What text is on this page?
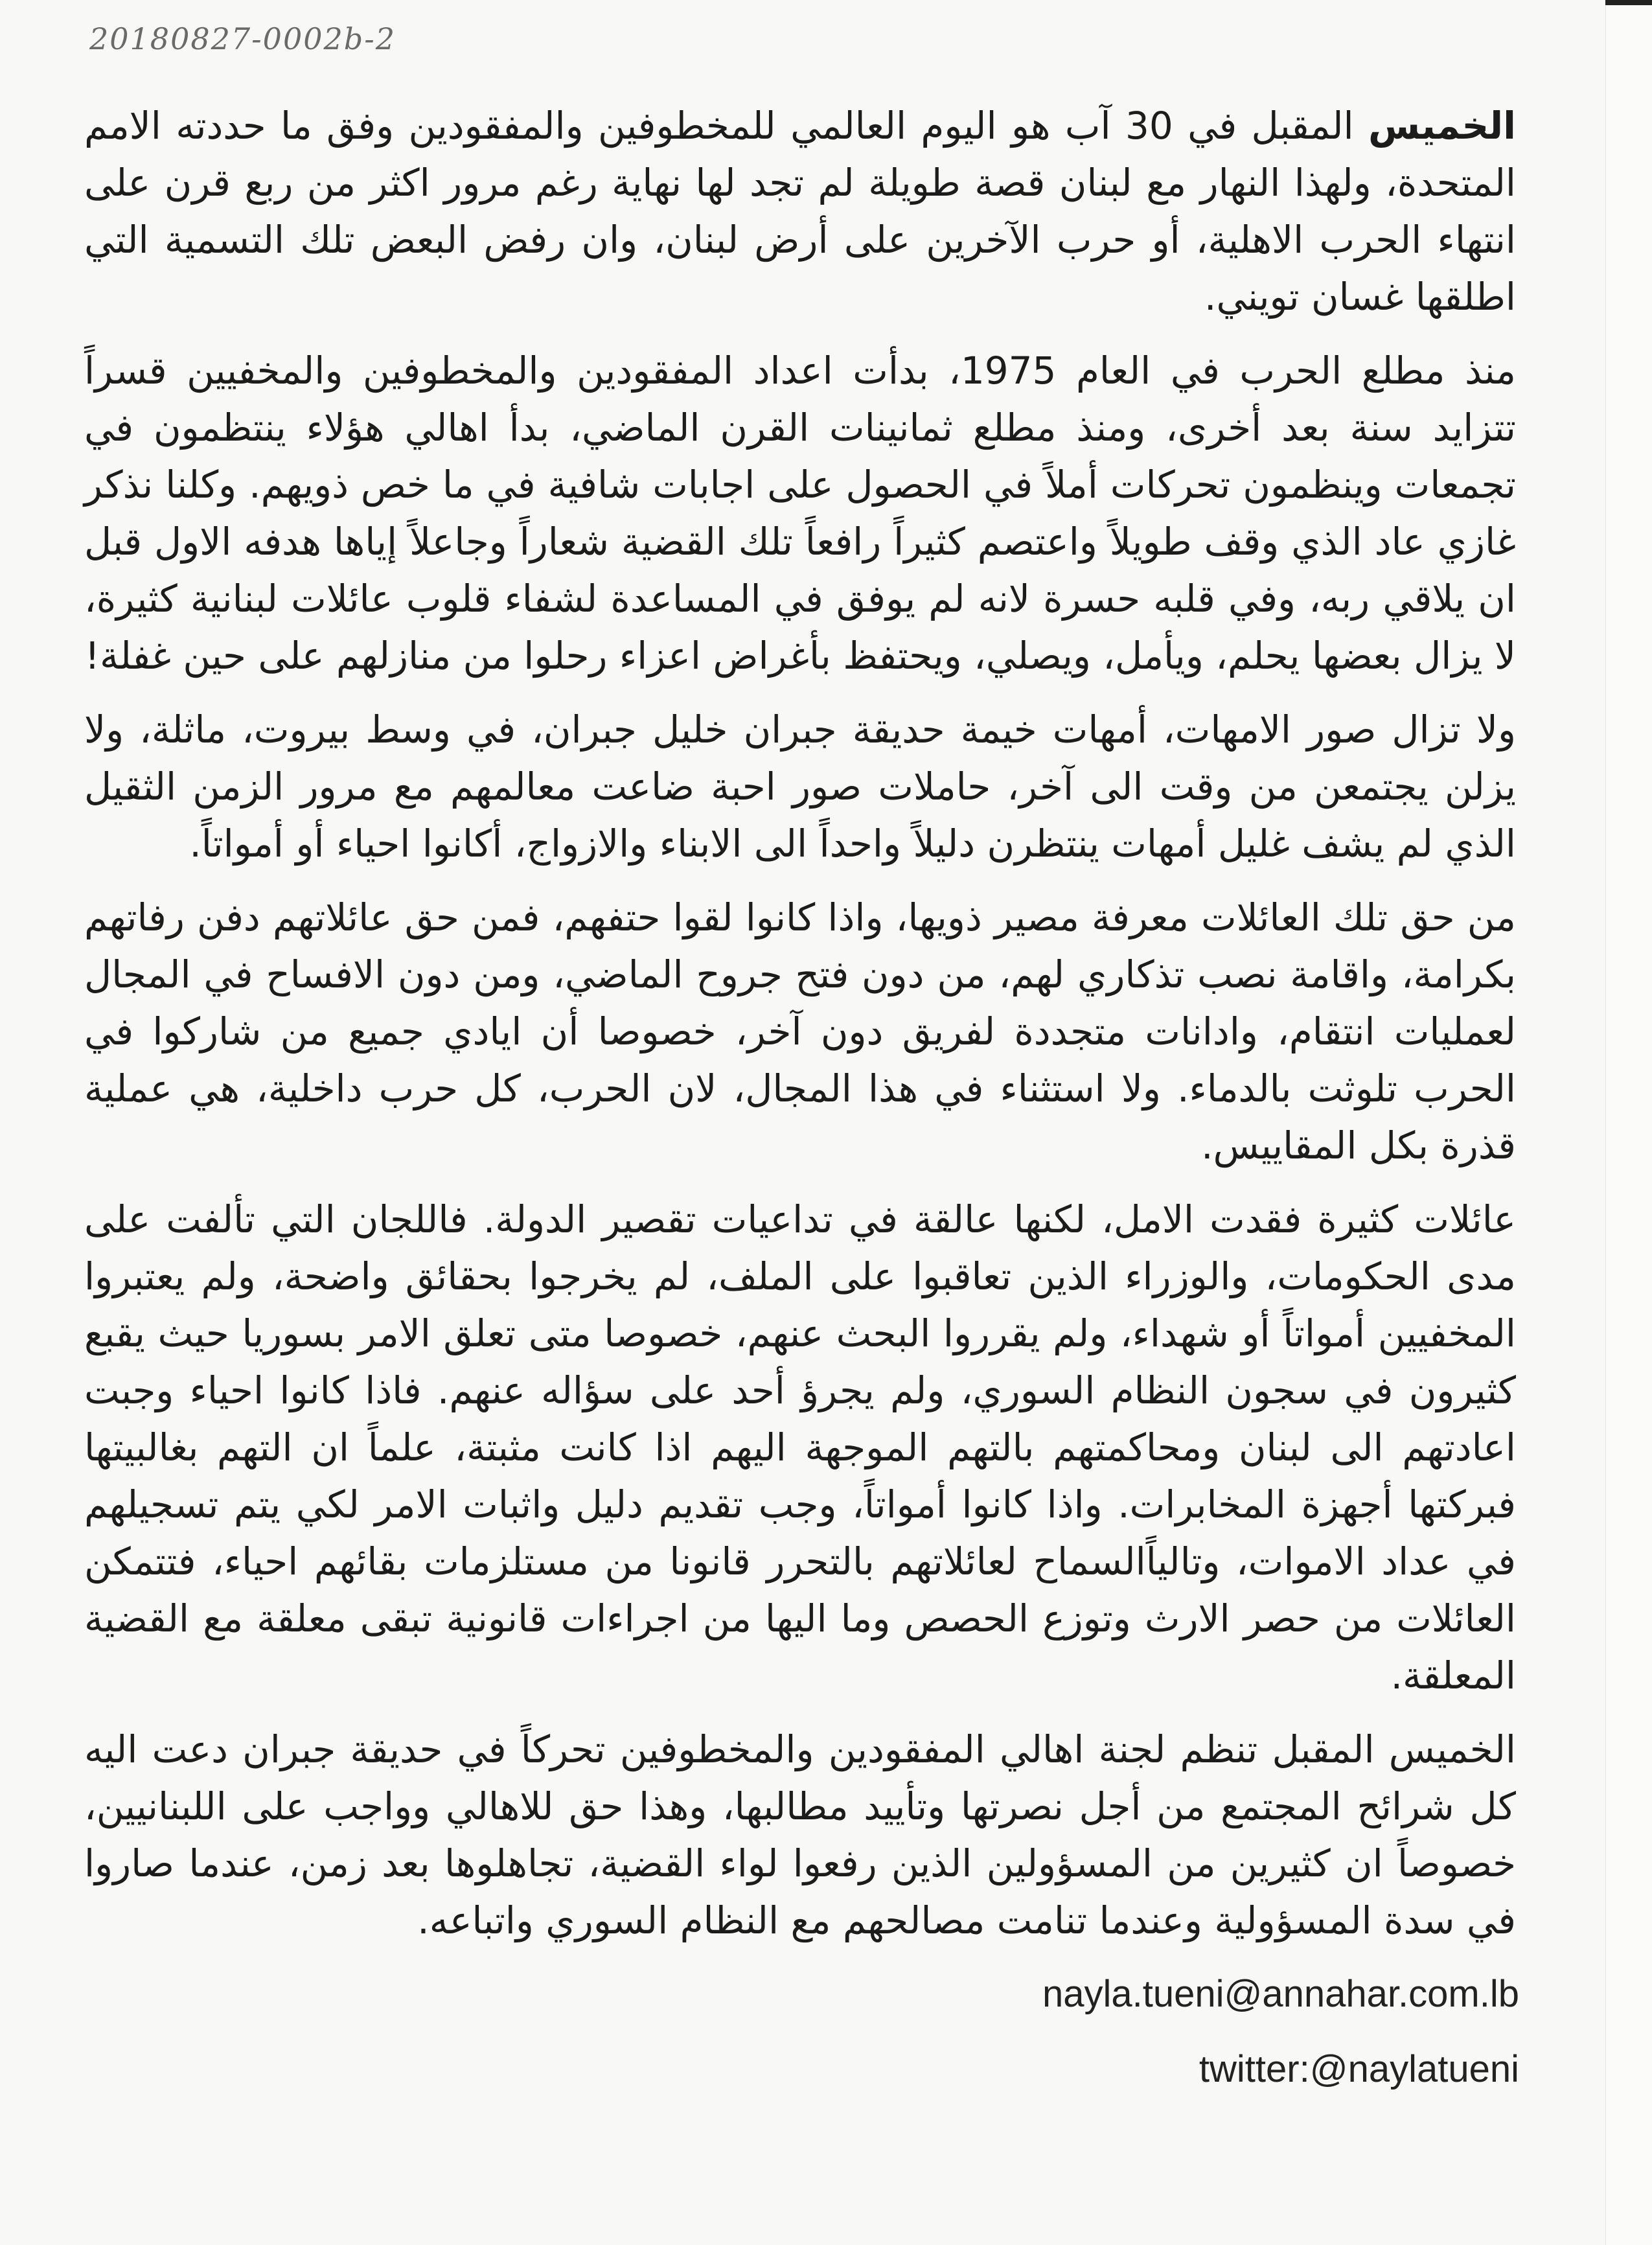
20180827-0002b-2

الخميس المقبل في 30 آب هو اليوم العالمي للمخطوفين والمفقودين وفق ما حددته الامم المتحدة، ولهذا النهار مع لبنان قصة طويلة لم تجد لها نهاية رغم مرور اكثر من ربع قرن على انتهاء الحرب الاهلية، أو حرب الآخرين على أرض لبنان، وان رفض البعض تلك التسمية التي اطلقها غسان تويني.

منذ مطلع الحرب في العام 1975، بدأت اعداد المفقودين والمخطوفين والمخفيين قسراً تتزايد سنة بعد أخرى، ومنذ مطلع ثمانينات القرن الماضي، بدأ اهالي هؤلاء ينتظمون في تجمعات وينظمون تحركات أملاً في الحصول على اجابات شافية في ما خص ذويهم. وكلنا نذكر غازي عاد الذي وقف طويلاً واعتصم كثيراً رافعاً تلك القضية شعاراً وجاعلاً إياها هدفه الاول قبل ان يلاقي ربه، وفي قلبه حسرة لانه لم يوفق في المساعدة لشفاء قلوب عائلات لبنانية كثيرة، لا يزال بعضها يحلم، ويأمل، ويصلي، ويحتفظ بأغراض اعزاء رحلوا من منازلهم على حين غفلة!

ولا تزال صور الامهات، أمهات خيمة حديقة جبران خليل جبران، في وسط بيروت، ماثلة، ولا يزلن يجتمعن من وقت الى آخر، حاملات صور احبة ضاعت معالمهم مع مرور الزمن الثقيل الذي لم يشف غليل أمهات ينتظرن دليلاً واحداً الى الابناء والازواج، أكانوا احياء أو أمواتاً.

من حق تلك العائلات معرفة مصير ذويها، واذا كانوا لقوا حتفهم، فمن حق عائلاتهم دفن رفاتهم بكرامة، واقامة نصب تذكاري لهم، من دون فتح جروح الماضي، ومن دون الافساح في المجال لعمليات انتقام، وادانات متجددة لفريق دون آخر، خصوصا أن ايادي جميع من شاركوا في الحرب تلوثت بالدماء. ولا استثناء في هذا المجال، لان الحرب، كل حرب داخلية، هي عملية قذرة بكل المقاييس.

عائلات كثيرة فقدت الامل، لكنها عالقة في تداعيات تقصير الدولة. فاللجان التي تألفت على مدى الحكومات، والوزراء الذين تعاقبوا على الملف، لم يخرجوا بحقائق واضحة، ولم يعتبروا المخفيين أمواتاً أو شهداء، ولم يقرروا البحث عنهم، خصوصا متى تعلق الامر بسوريا حيث يقبع كثيرون في سجون النظام السوري، ولم يجرؤ أحد على سؤاله عنهم. فاذا كانوا احياء وجبت اعادتهم الى لبنان ومحاكمتهم بالتهم الموجهة اليهم اذا كانت مثبتة، علماً ان التهم بغالبيتها فبركتها أجهزة المخابرات. واذا كانوا أمواتاً، وجب تقديم دليل واثبات الامر لكي يتم تسجيلهم في عداد الاموات، وتالياًالسماح لعائلاتهم بالتحرر قانونا من مستلزمات بقائهم احياء، فتتمكن العائلات من حصر الارث وتوزع الحصص وما اليها من اجراءات قانونية تبقى معلقة مع القضية المعلقة.

الخميس المقبل تنظم لجنة اهالي المفقودين والمخطوفين تحركاً في حديقة جبران دعت اليه كل شرائح المجتمع من أجل نصرتها وتأييد مطالبها، وهذا حق للاهالي وواجب على اللبنانيين، خصوصاً ان كثيرين من المسؤولين الذين رفعوا لواء القضية، تجاهلوها بعد زمن، عندما صاروا في سدة المسؤولية وعندما تنامت مصالحهم مع النظام السوري واتباعه.

nayla.tueni@annahar.com.lb
twitter:@naylatueni
